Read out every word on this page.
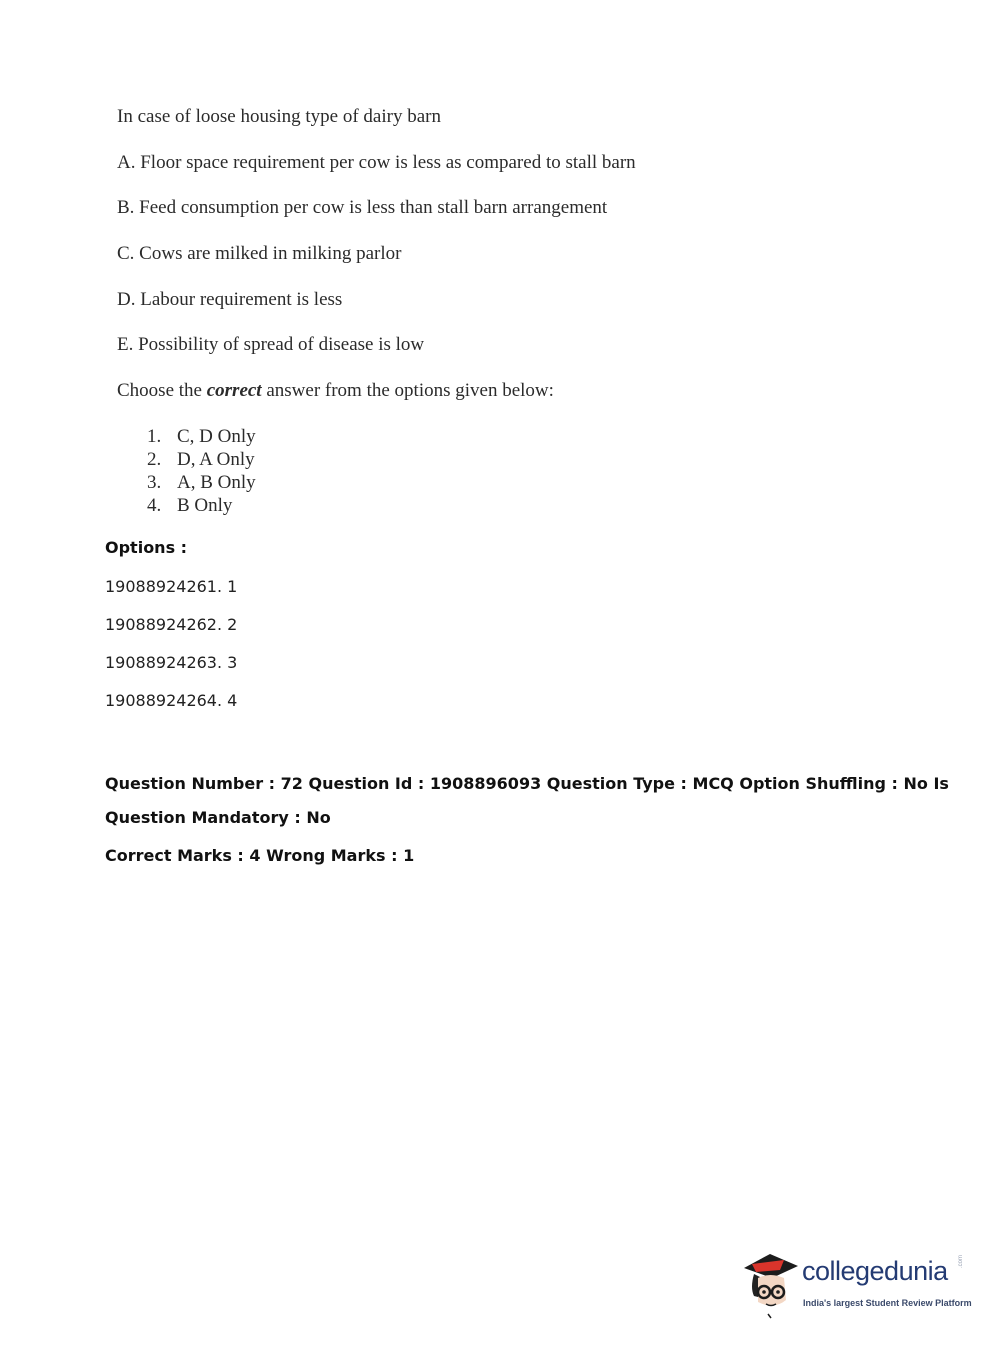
In case of loose housing type of dairy barn
A. Floor space requirement per cow is less as compared to stall barn
B. Feed consumption per cow is less than stall barn arrangement
C. Cows are milked in milking parlor
D. Labour requirement is less
E. Possibility of spread of disease is low
Choose the correct answer from the options given below:
1. C, D Only
2. D, A Only
3. A, B Only
4. B Only
Options :
19088924261. 1
19088924262. 2
19088924263. 3
19088924264. 4
Question Number : 72 Question Id : 1908896093 Question Type : MCQ Option Shuffling : No Is
Question Mandatory : No
Correct Marks : 4 Wrong Marks : 1
collegedunia .com
India's largest Student Review Platform
